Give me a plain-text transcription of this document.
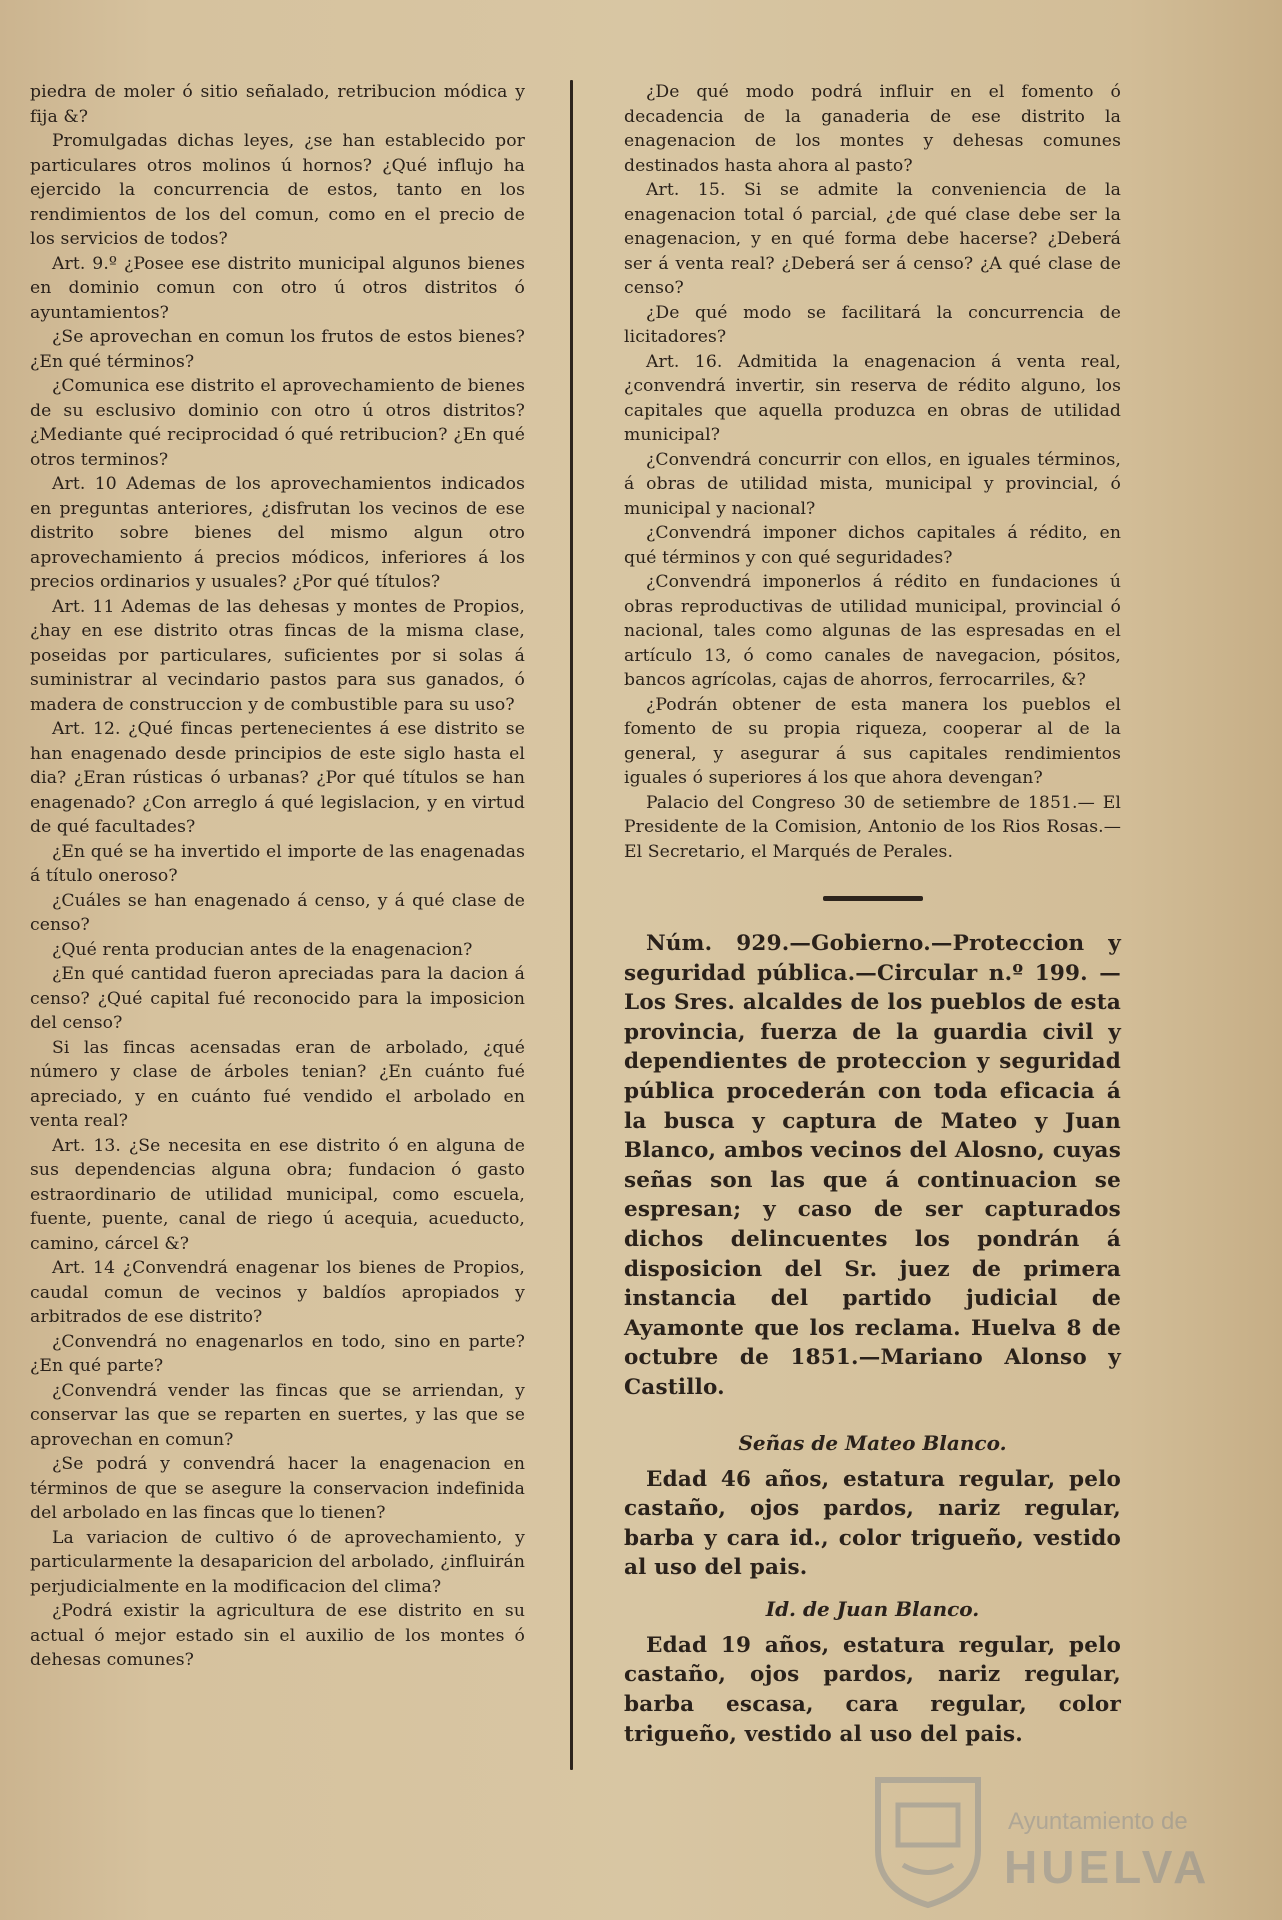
piedra de moler ó sitio señalado, retribucion módica y fija &?

Promulgadas dichas leyes, ¿se han establecido por particulares otros molinos ú hornos? ¿Qué influjo ha ejercido la concurrencia de estos, tanto en los rendimientos de los del comun, como en el precio de los servicios de todos?

Art. 9.º ¿Posee ese distrito municipal algunos bienes en dominio comun con otro ú otros distritos ó ayuntamientos?

¿Se aprovechan en comun los frutos de estos bienes? ¿En qué términos?

¿Comunica ese distrito el aprovechamiento de bienes de su esclusivo dominio con otro ú otros distritos? ¿Mediante qué reciprocidad ó qué retribucion? ¿En qué otros terminos?

Art. 10 Ademas de los aprovechamientos indicados en preguntas anteriores, ¿disfrutan los vecinos de ese distrito sobre bienes del mismo algun otro aprovechamiento á precios módicos, inferiores á los precios ordinarios y usuales? ¿Por qué títulos?

Art. 11 Ademas de las dehesas y montes de Propios, ¿hay en ese distrito otras fincas de la misma clase, poseidas por particulares, suficientes por si solas á suministrar al vecindario pastos para sus ganados, ó madera de construccion y de combustible para su uso?

Art. 12. ¿Qué fincas pertenecientes á ese distrito se han enagenado desde principios de este siglo hasta el dia? ¿Eran rústicas ó urbanas? ¿Por qué títulos se han enagenado? ¿Con arreglo á qué legislacion, y en virtud de qué facultades?

¿En qué se ha invertido el importe de las enagenadas á título oneroso?

¿Cuáles se han enagenado á censo, y á qué clase de censo?

¿Qué renta producian antes de la enagenacion?

¿En qué cantidad fueron apreciadas para la dacion á censo? ¿Qué capital fué reconocido para la imposicion del censo?

Si las fincas acensadas eran de arbolado, ¿qué número y clase de árboles tenian? ¿En cuánto fué apreciado, y en cuánto fué vendido el arbolado en venta real?

Art. 13. ¿Se necesita en ese distrito ó en alguna de sus dependencias alguna obra; fundacion ó gasto estraordinario de utilidad municipal, como escuela, fuente, puente, canal de riego ú acequia, acueducto, camino, cárcel &?

Art. 14 ¿Convendrá enagenar los bienes de Propios, caudal comun de vecinos y baldíos apropiados y arbitrados de ese distrito?

¿Convendrá no enagenarlos en todo, sino en parte? ¿En qué parte?

¿Convendrá vender las fincas que se arriendan, y conservar las que se reparten en suertes, y las que se aprovechan en comun?

¿Se podrá y convendrá hacer la enagenacion en términos de que se asegure la conservacion indefinida del arbolado en las fincas que lo tienen?

La variacion de cultivo ó de aprovechamiento, y particularmente la desaparicion del arbolado, ¿influirán perjudicialmente en la modificacion del clima?

¿Podrá existir la agricultura de ese distrito en su actual ó mejor estado sin el auxilio de los montes ó dehesas comunes?

¿De qué modo podrá influir en el fomento ó decadencia de la ganaderia de ese distrito la enagenacion de los montes y dehesas comunes destinados hasta ahora al pasto?

Art. 15. Si se admite la conveniencia de la enagenacion total ó parcial, ¿de qué clase debe ser la enagenacion, y en qué forma debe hacerse? ¿Deberá ser á venta real? ¿Deberá ser á censo? ¿A qué clase de censo?

¿De qué modo se facilitará la concurrencia de licitadores?

Art. 16. Admitida la enagenacion á venta real, ¿convendrá invertir, sin reserva de rédito alguno, los capitales que aquella produzca en obras de utilidad municipal?

¿Convendrá concurrir con ellos, en iguales términos, á obras de utilidad mista, municipal y provincial, ó municipal y nacional?

¿Convendrá imponer dichos capitales á rédito, en qué términos y con qué seguridades?

¿Convendrá imponerlos á rédito en fundaciones ú obras reproductivas de utilidad municipal, provincial ó nacional, tales como algunas de las espresadas en el artículo 13, ó como canales de navegacion, pósitos, bancos agrícolas, cajas de ahorros, ferrocarriles, &?

¿Podrán obtener de esta manera los pueblos el fomento de su propia riqueza, cooperar al de la general, y asegurar á sus capitales rendimientos iguales ó superiores á los que ahora devengan?

Palacio del Congreso 30 de setiembre de 1851.— El Presidente de la Comision, Antonio de los Rios Rosas.—El Secretario, el Marqués de Perales.

Núm. 929.—Gobierno.—Proteccion y seguridad pública.—Circular n.º 199. —Los Sres. alcaldes de los pueblos de esta provincia, fuerza de la guardia civil y dependientes de proteccion y seguridad pública procederán con toda eficacia á la busca y captura de Mateo y Juan Blanco, ambos vecinos del Alosno, cuyas señas son las que á continuacion se espresan; y caso de ser capturados dichos delincuentes los pondrán á disposicion del Sr. juez de primera instancia del partido judicial de Ayamonte que los reclama. Huelva 8 de octubre de 1851.—Mariano Alonso y Castillo.

Señas de Mateo Blanco.

Edad 46 años, estatura regular, pelo castaño, ojos pardos, nariz regular, barba y cara id., color trigueño, vestido al uso del pais.

Id. de Juan Blanco.

Edad 19 años, estatura regular, pelo castaño, ojos pardos, nariz regular, barba escasa, cara regular, color trigueño, vestido al uso del pais.

Ayuntamiento de
HUELVA
